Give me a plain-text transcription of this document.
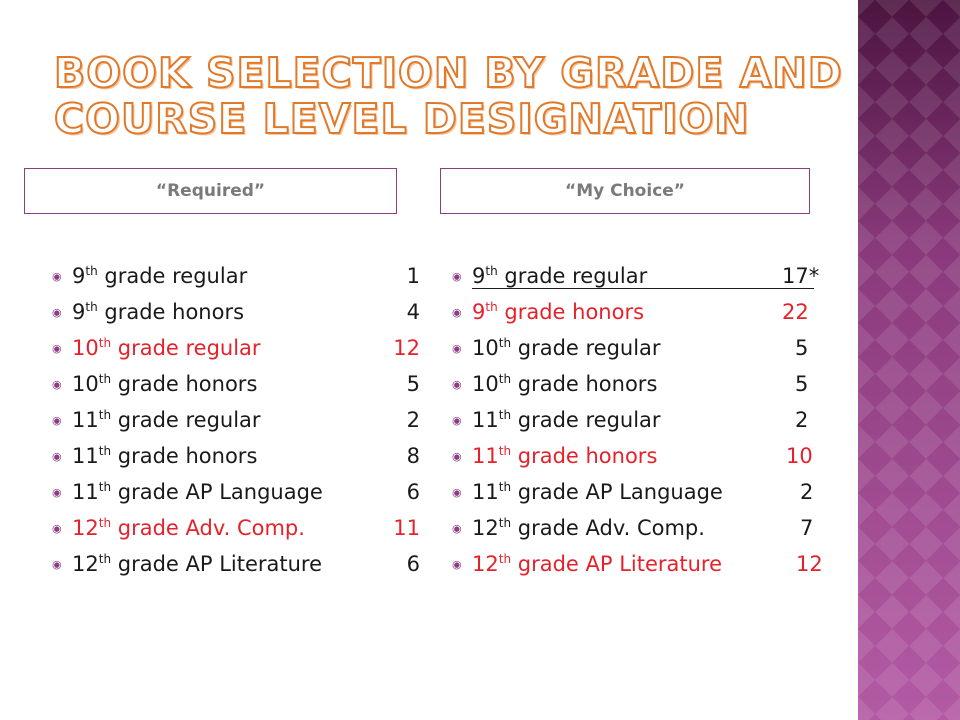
BOOK SELECTION BY GRADE AND COURSE LEVEL DESIGNATION
“Required”	“My Choice”
◉ 9th grade regular	1
◉ 9th grade honors	4
◉ 10th grade regular	12
◉ 10th grade honors	5
◉ 11th grade regular	2
◉ 11th grade honors	8
◉ 11th grade AP Language	6
◉ 12th grade Adv. Comp.	11
◉ 12th grade AP Literature	6
◉ 9th grade regular	17*
◉ 9th grade honors	22
◉ 10th grade regular	5
◉ 10th grade honors	5
◉ 11th grade regular	2
◉ 11th grade honors	10
◉ 11th grade AP Language	2
◉ 12th grade Adv. Comp.	7
◉ 12th grade AP Literature	12
